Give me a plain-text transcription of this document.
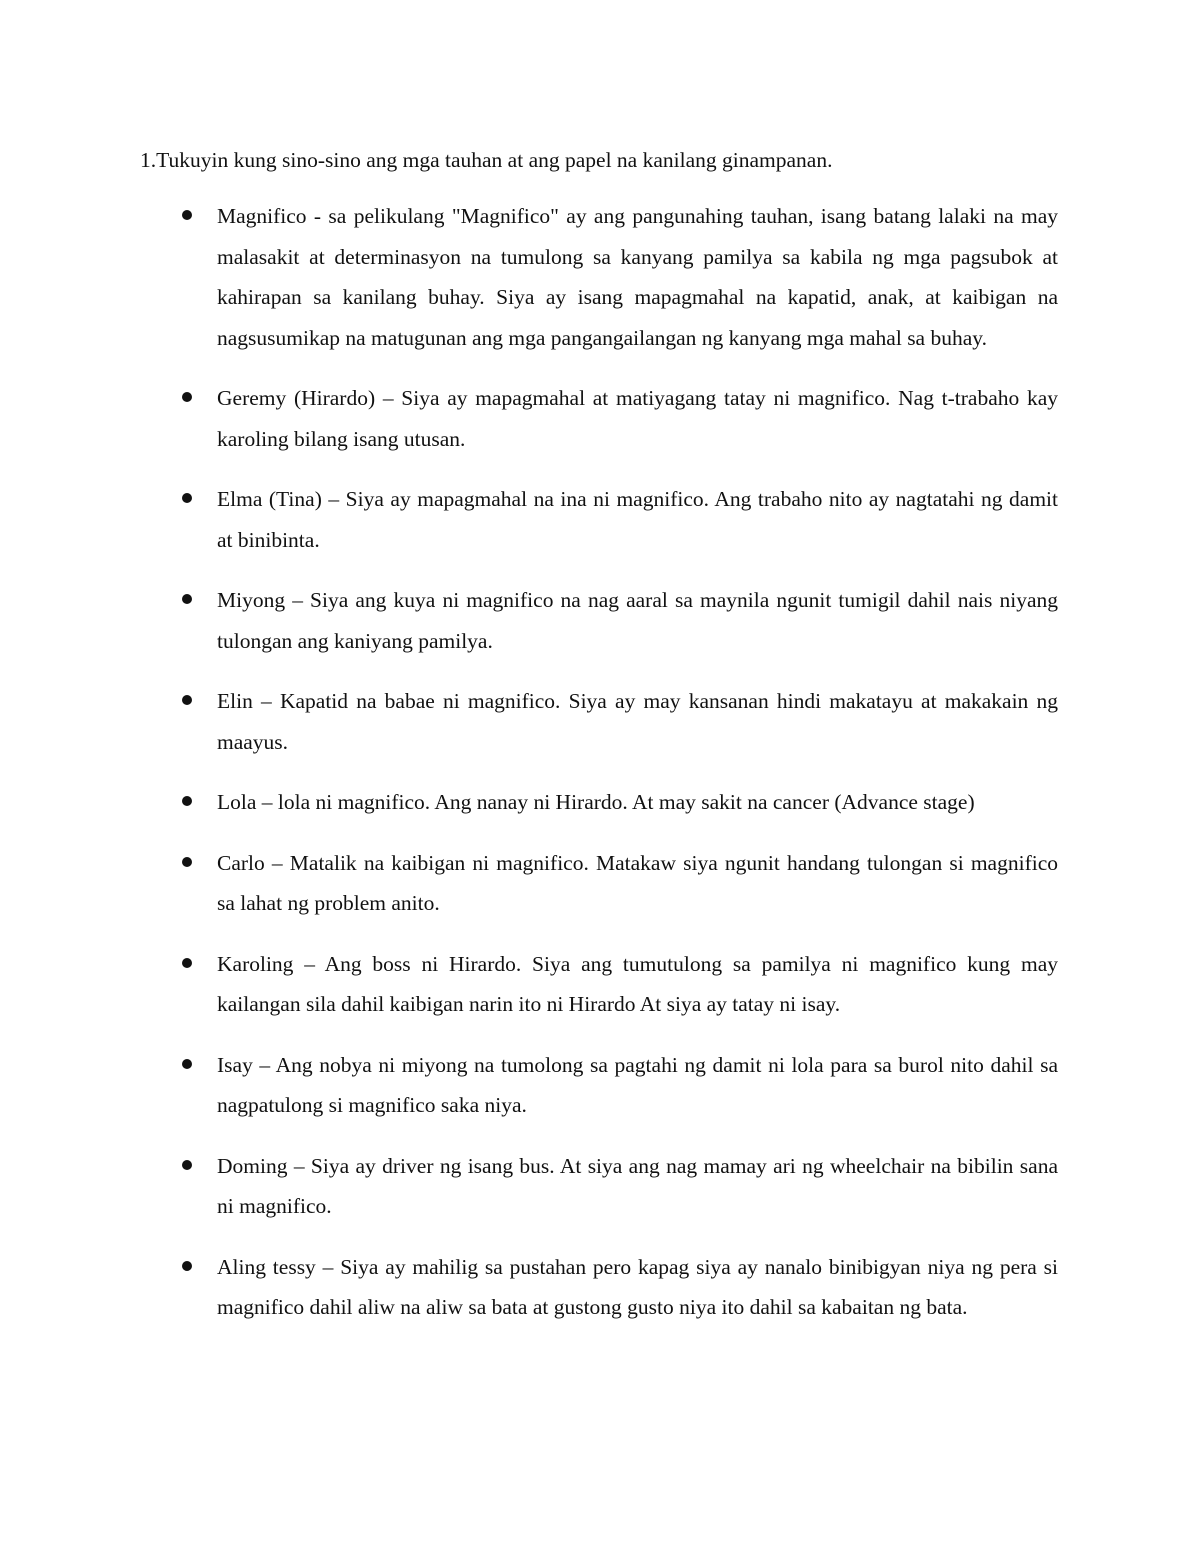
1.Tukuyin kung sino-sino ang mga tauhan at ang papel na kanilang ginampanan.

Magnifico - sa pelikulang "Magnifico" ay ang pangunahing tauhan, isang batang lalaki na may malasakit at determinasyon na tumulong sa kanyang pamilya sa kabila ng mga pagsubok at kahirapan sa kanilang buhay. Siya ay isang mapagmahal na kapatid, anak, at kaibigan na nagsusumikap na matugunan ang mga pangangailangan ng kanyang mga mahal sa buhay.
Geremy (Hirardo) – Siya ay mapagmahal at matiyagang tatay ni magnifico. Nag t-trabaho kay karoling bilang isang utusan.
Elma (Tina) – Siya ay mapagmahal na ina ni magnifico. Ang trabaho nito ay nagtatahi ng damit at binibinta.
Miyong – Siya ang kuya ni magnifico na nag aaral sa maynila ngunit tumigil dahil nais niyang tulongan ang kaniyang pamilya.
Elin – Kapatid na babae ni magnifico. Siya ay may kansanan hindi makatayu at makakain ng maayus.
Lola – lola ni magnifico. Ang nanay ni Hirardo. At may sakit na cancer (Advance stage)
Carlo – Matalik na kaibigan ni magnifico. Matakaw siya ngunit handang tulongan si magnifico sa lahat ng problem anito.
Karoling – Ang boss ni Hirardo. Siya ang tumutulong sa pamilya ni magnifico kung may kailangan sila dahil kaibigan narin ito ni Hirardo At siya ay tatay ni isay.
Isay – Ang nobya ni miyong na tumolong sa pagtahi ng damit ni lola para sa burol nito dahil sa nagpatulong si magnifico saka niya.
Doming – Siya ay driver ng isang bus. At siya ang nag mamay ari ng wheelchair na bibilin sana ni magnifico.
Aling tessy – Siya ay mahilig sa pustahan pero kapag siya ay nanalo binibigyan niya ng pera si magnifico dahil aliw na aliw sa bata at gustong gusto niya ito dahil sa kabaitan ng bata.
